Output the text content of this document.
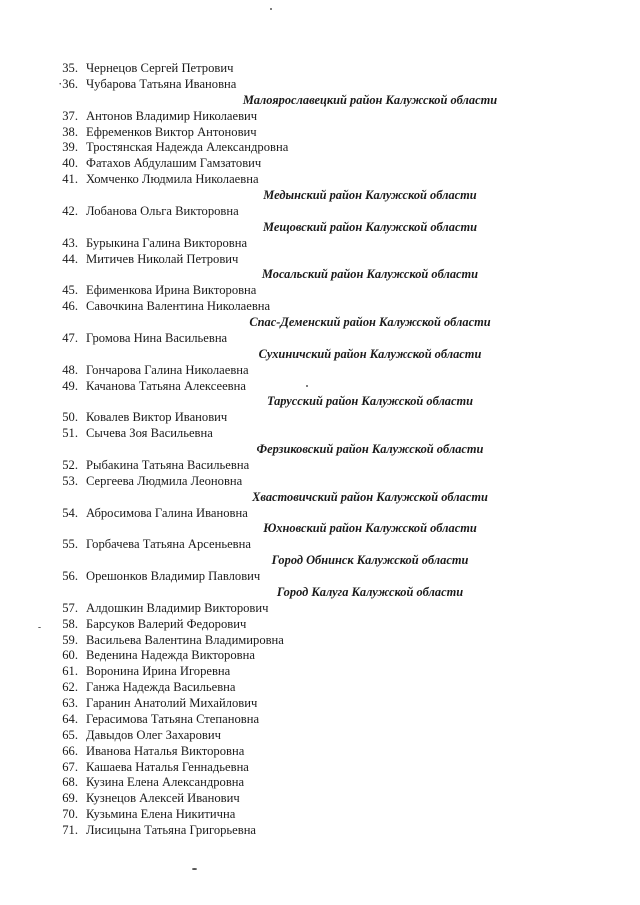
35. Чернецов Сергей Петрович
·36. Чубарова Татьяна Ивановна
Малоярославецкий район Калужской области
37. Антонов Владимир Николаевич
38. Ефременков Виктор Антонович
39. Тростянская Надежда Александровна
40. Фатахов Абдулашим Гамзатович
41. Хомченко Людмила Николаевна
Медынский район Калужской области
42. Лобанова Ольга Викторовна
Мещовский район Калужской области
43. Бурыкина Галина Викторовна
44. Митичев Николай Петрович
Мосальский район Калужской области
45. Ефименкова Ирина Викторовна
46. Савочкина Валентина Николаевна
Спас-Деменский район Калужской области
47. Громова Нина Васильевна
Сухиничский район Калужской области
48. Гончарова Галина Николаевна
49. Качанова Татьяна Алексеевна
Тарусский район Калужской области
50. Ковалев Виктор Иванович
51. Сычева Зоя Васильевна
Ферзиковский район Калужской области
52. Рыбакина Татьяна Васильевна
53. Сергеева Людмила Леоновна
Хвастовичский район Калужской области
54. Абросимова Галина Ивановна
Юхновский район Калужской области
55. Горбачева Татьяна Арсеньевна
Город Обнинск Калужской области
56. Орешонков Владимир Павлович
Город Калуга Калужской области
57. Алдошкин Владимир Викторович
58. Барсуков Валерий Федорович
59. Васильева Валентина Владимировна
60. Веденина Надежда Викторовна
61. Воронина Ирина Игоревна
62. Ганжа Надежда Васильевна
63. Гаранин Анатолий Михайлович
64. Герасимова Татьяна Степановна
65. Давыдов Олег Захарович
66. Иванова Наталья Викторовна
67. Кашаева Наталья Геннадьевна
68. Кузина Елена Александровна
69. Кузнецов Алексей Иванович
70. Кузьмина Елена Никитична
71. Лисицына Татьяна Григорьевна
